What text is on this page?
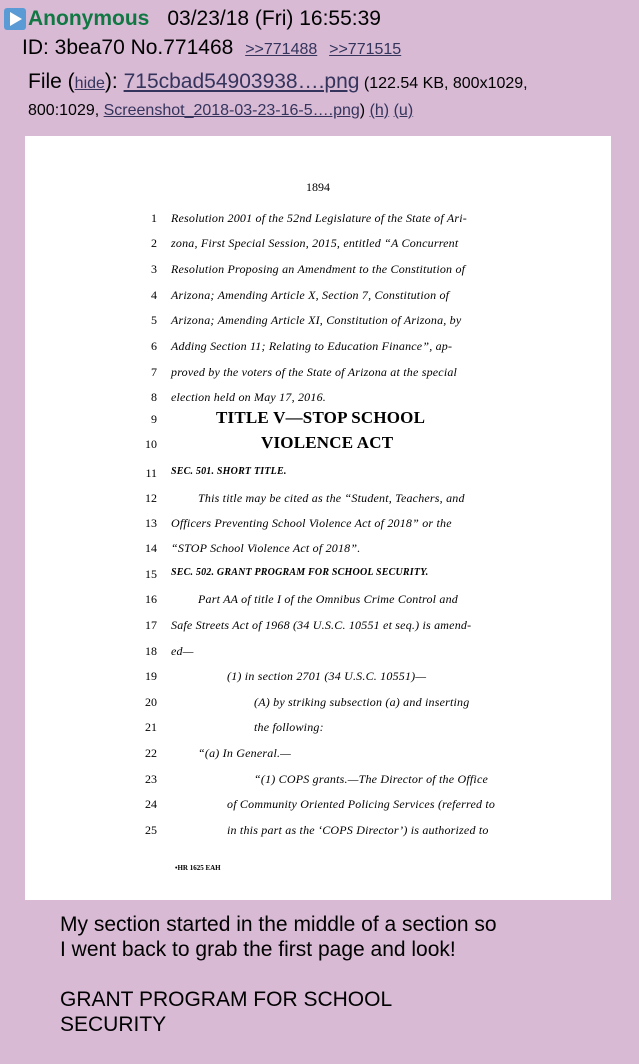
Anonymous 03/23/18 (Fri) 16:55:39
ID: 3bea70 No.771468 >>771488 >>771515
File (hide): 715cbad54903938….png (122.54 KB, 800x1029,
800:1029, Screenshot_2018-03-23-16-5….png) (h) (u)
1894
•HR 1625 EAH
1 Resolution 2001 of the 52nd Legislature of the State of Ari-
2 zona, First Special Session, 2015, entitled “A Concurrent
3 Resolution Proposing an Amendment to the Constitution of
4 Arizona; Amending Article X, Section 7, Constitution of
5 Arizona; Amending Article XI, Constitution of Arizona, by
6 Adding Section 11; Relating to Education Finance”, ap-
7 proved by the voters of the State of Arizona at the special
8 election held on May 17, 2016.
9	TITLE V—STOP SCHOOL
10	VIOLENCE ACT
11 SEC. 501. SHORT TITLE.
12	This title may be cited as the “Student, Teachers, and
13 Officers Preventing School Violence Act of 2018” or the
14 “STOP School Violence Act of 2018”.
15 SEC. 502. GRANT PROGRAM FOR SCHOOL SECURITY.
16	Part AA of title I of the Omnibus Crime Control and
17 Safe Streets Act of 1968 (34 U.S.C. 10551 et seq.) is amend-
18 ed—
19	(1) in section 2701 (34 U.S.C. 10551)—
20	(A) by striking subsection (a) and inserting
21	the following:
22	“(a) In General.—
23	“(1) COPS grants.—The Director of the Office
24	of Community Oriented Policing Services (referred to
25	in this part as the ‘COPS Director’) is authorized to

My section started in the middle of a section so

I went back to grab the first page and look!

GRANT PROGRAM FOR SCHOOL

SECURITY
